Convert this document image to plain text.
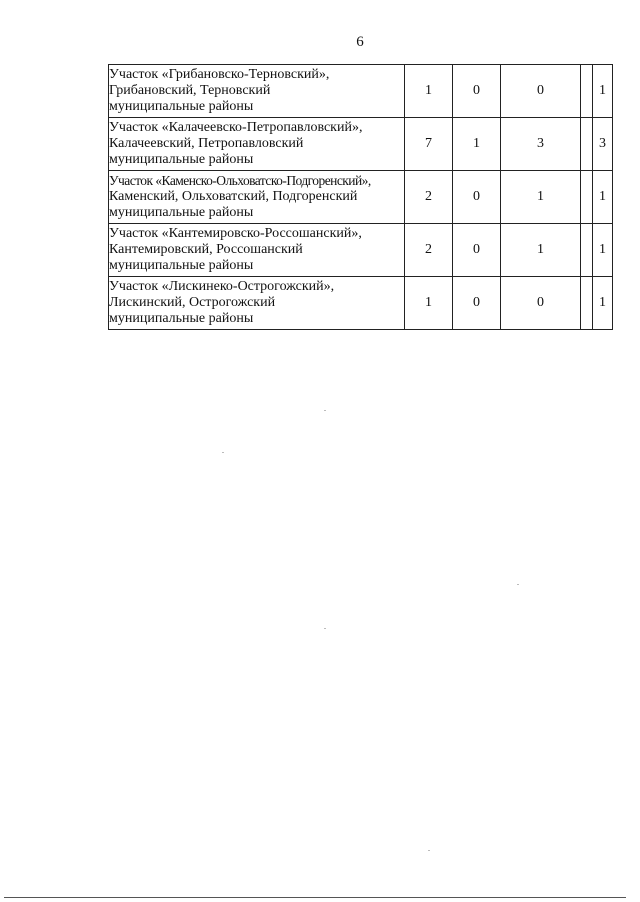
6
Участок «Грибановско-Терновский»,
Грибановский, Терновский
муниципальные районы	1	0	0		1

Участок «Калачеевско-Петропавловский»,
Калачеевский, Петропавловский
муниципальные районы	7	1	3		3

Участок «Каменско-Ольховатско-Подгоренский»,
Каменский, Ольховатский, Подгоренский
муниципальные районы	2	0	1		1

Участок «Кантемировско-Россошанский»,
Кантемировский, Россошанский
муниципальные районы	2	0	1		1

Участок «Лискинеко-Острогожский»,
Лискинский, Острогожский
муниципальные районы	1	0	0		1
